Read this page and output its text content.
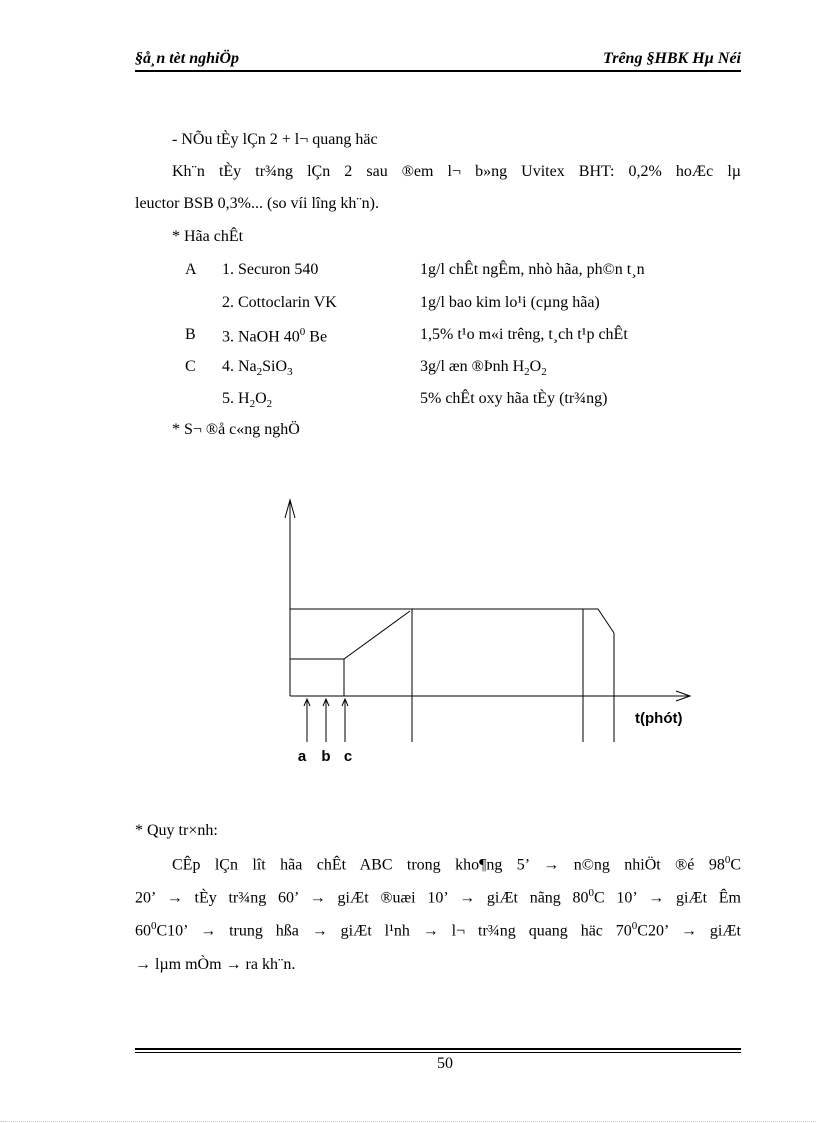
§å¸n tèt nghiÖp	Trêng §HBK Hµ Néi
- NÕu tÈy lÇn 2 + l¬ quang häc
Kh¨n tÈy tr¾ng lÇn 2 sau ®em l¬ b»ng Uvitex BHT: 0,2% hoÆc lµ
leuctor BSB 0,3%... (so víi lîng kh¨n).
* Hãa chÊt
A 1. Securon 540	1g/l chÊt ngÊm, nhò hãa, ph©n t¸n
2. Cottoclarin VK	1g/l bao kim lo¹i (cµng hãa)
B 3. NaOH $40^0$ Be	1,5% t¹o m«i trêng, t¸ch t¹p chÊt
C 4. $Na_2SiO_3$	3g/l æn ®Þnh $H_2O_2$
5. $H_2O_2$	5% chÊt oxy hãa tÈy (tr¾ng)
* S¬ ®å c«ng nghÖ
t(phót)
a b c
* Quy tr×nh:
CÊp lÇn lît hãa chÊt ABC trong kho¶ng 5’ → n©ng nhiÖt ®é $98^0C$
20’ → tÈy tr¾ng 60’ → giÆt ®uæi 10’ → giÆt nãng $80^0C$ 10’ → giÆt Êm
$60^0C10$’ → trung hßa → giÆt l¹nh → l¬ tr¾ng quang häc $70^0C20$’ → giÆt
→ lµm mÒm → ra kh¨n.
50
